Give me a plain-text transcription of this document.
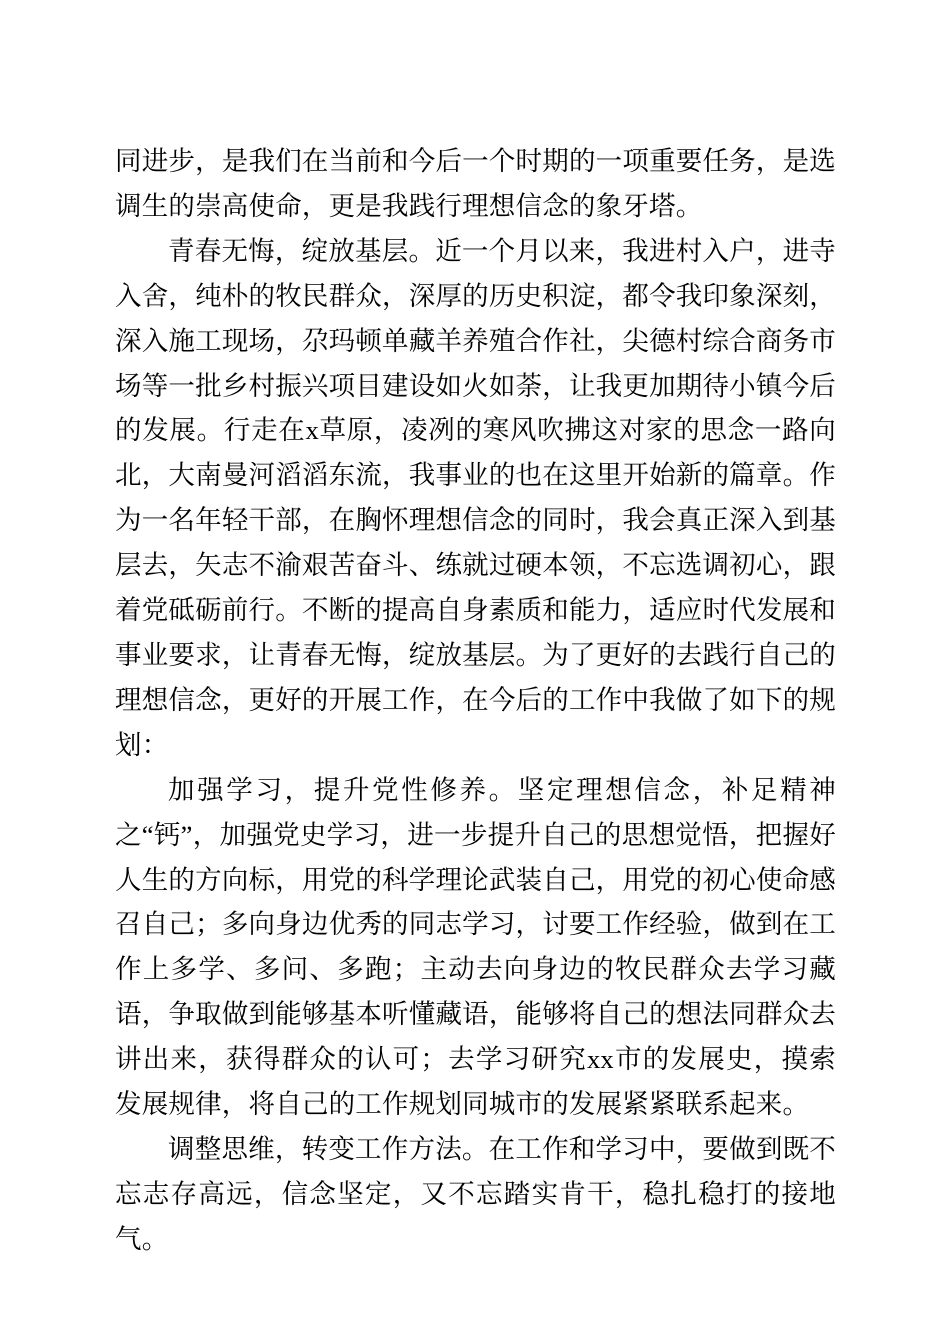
同进步，是我们在当前和今后一个时期的一项重要任务，是选调生的崇高使命，更是我践行理想信念的象牙塔。

青春无悔，绽放基层。近一个月以来，我进村入户，进寺入舍，纯朴的牧民群众，深厚的历史积淀，都令我印象深刻，深入施工现场，尕玛顿单藏羊养殖合作社，尖德村综合商务市场等一批乡村振兴项目建设如火如荼，让我更加期待小镇今后的发展。行走在x草原，凌冽的寒风吹拂这对家的思念一路向北，大南曼河滔滔东流，我事业的也在这里开始新的篇章。作为一名年轻干部，在胸怀理想信念的同时，我会真正深入到基层去，矢志不渝艰苦奋斗、练就过硬本领，不忘选调初心，跟着党砥砺前行。不断的提高自身素质和能力，适应时代发展和事业要求，让青春无悔，绽放基层。为了更好的去践行自己的理想信念，更好的开展工作，在今后的工作中我做了如下的规划：

加强学习，提升党性修养。坚定理想信念，补足精神之“钙”，加强党史学习，进一步提升自己的思想觉悟，把握好人生的方向标，用党的科学理论武装自己，用党的初心使命感召自己；多向身边优秀的同志学习，讨要工作经验，做到在工作上多学、多问、多跑；主动去向身边的牧民群众去学习藏语，争取做到能够基本听懂藏语，能够将自己的想法同群众去讲出来，获得群众的认可；去学习研究xx市的发展史，摸索发展规律，将自己的工作规划同城市的发展紧紧联系起来。

调整思维，转变工作方法。在工作和学习中，要做到既不忘志存高远，信念坚定，又不忘踏实肯干，稳扎稳打的接地气。
